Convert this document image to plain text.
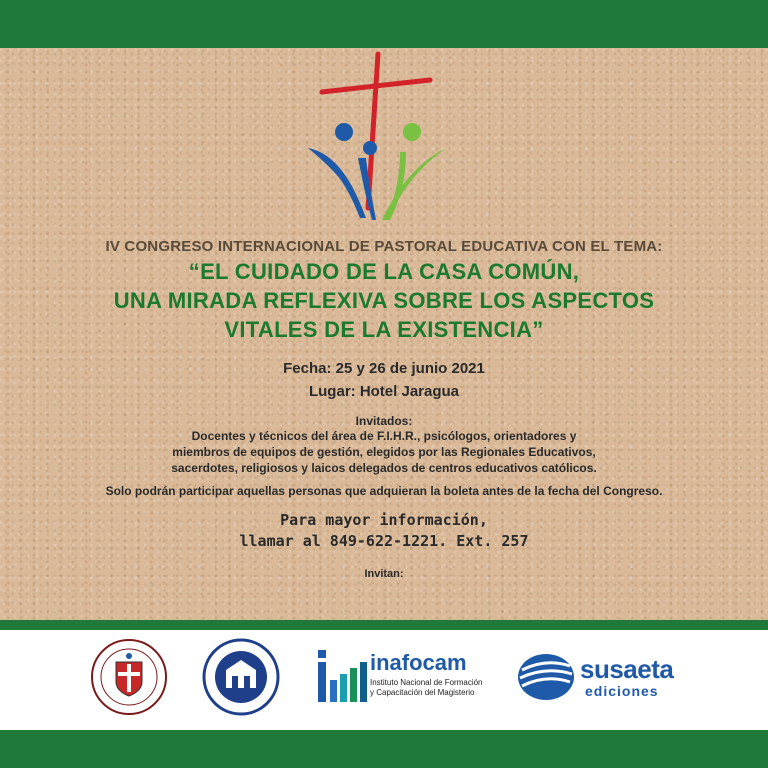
IV CONGRESO INTERNACIONAL DE PASTORAL EDUCATIVA CON EL TEMA:
“EL CUIDADO DE LA CASA COMÚN,
UNA MIRADA REFLEXIVA SOBRE LOS ASPECTOS
VITALES DE LA EXISTENCIA”
Fecha: 25 y 26 de junio 2021
Lugar: Hotel Jaragua
Invitados:
Docentes y técnicos del área de F.I.H.R., psicólogos, orientadores y
miembros de equipos de gestión, elegidos por las Regionales Educativos,
sacerdotes, religiosos y laicos delegados de centros educativos católicos.
Solo podrán participar aquellas personas que adquieran la boleta antes de la fecha del Congreso.
Para mayor información,
llamar al 849-622-1221. Ext. 257
Invitan:
inafocam
Instituto Nacional de Formación
y Capacitación del Magisterio
susaeta
ediciones
